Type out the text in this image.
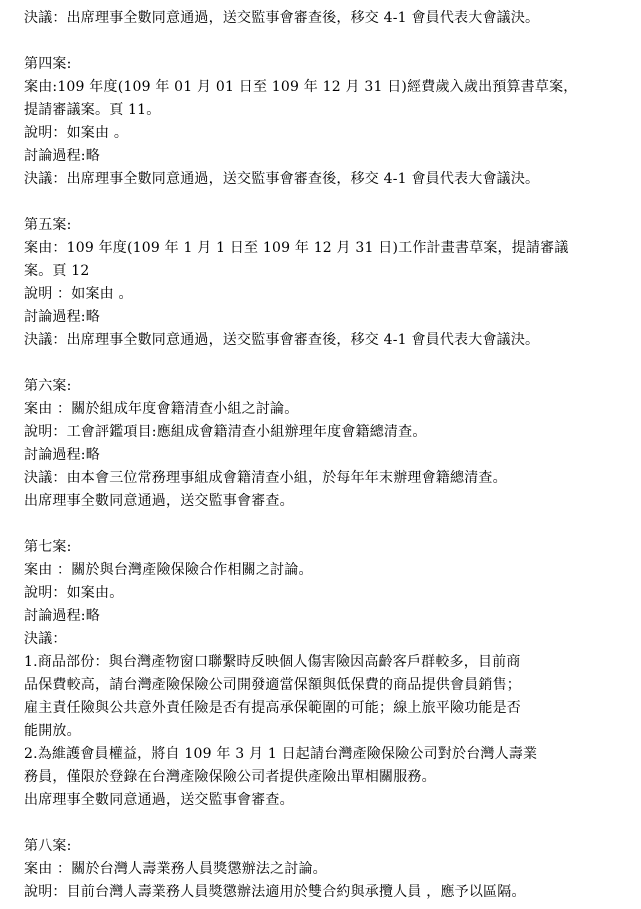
決議：出席理事全數同意通過，送交監事會審查後，移交 4-1 會員代表大會議決。
第四案:
案由:109 年度(109 年 01 月 01 日至 109 年 12 月 31 日)經費歲入歲出預算書草案，
提請審議案。頁 11。
說明：如案由 。
討論過程:略
決議：出席理事全數同意通過，送交監事會審查後，移交 4-1 會員代表大會議決。
第五案:
案由：109 年度(109 年 1 月 1 日至 109 年 12 月 31 日)工作計畫書草案，提請審議
案。頁 12
說明 ：如案由 。
討論過程:略
決議：出席理事全數同意通過，送交監事會審查後，移交 4-1 會員代表大會議決。
第六案:
案由 ：關於組成年度會籍清查小組之討論。
說明：工會評鑑項目:應組成會籍清查小組辦理年度會籍總清查。
討論過程:略
決議：由本會三位常務理事組成會籍清查小組，於每年年末辦理會籍總清查。
出席理事全數同意通過，送交監事會審查。
第七案:
案由 ：關於與台灣產險保險合作相關之討論。
說明：如案由。
討論過程:略
決議：
1.商品部份：與台灣產物窗口聯繫時反映個人傷害險因高齡客戶群較多，目前商
品保費較高，請台灣產險保險公司開發適當保額與低保費的商品提供會員銷售；
雇主責任險與公共意外責任險是否有提高承保範圍的可能；線上旅平險功能是否
能開放。
2.為維護會員權益，將自 109 年 3 月 1 日起請台灣產險保險公司對於台灣人壽業
務員，僅限於登錄在台灣產險保險公司者提供產險出單相關服務。
出席理事全數同意通過，送交監事會審查。
第八案:
案由 ：關於台灣人壽業務人員獎懲辦法之討論。
說明：目前台灣人壽業務人員獎懲辦法適用於雙合約與承攬人員 ，應予以區隔。
